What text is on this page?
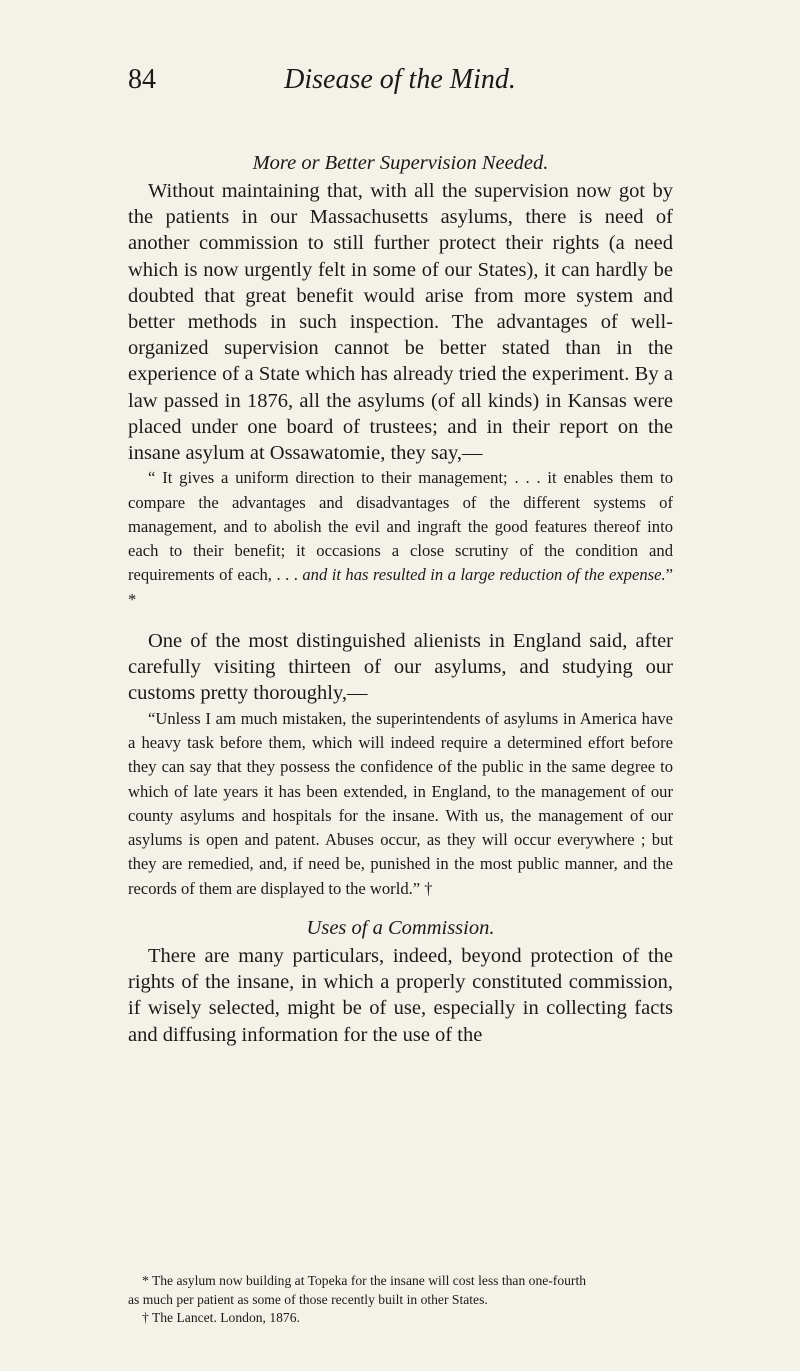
84	Disease of the Mind.
More or Better Supervision Needed.

Without maintaining that, with all the supervision now got by the patients in our Massachusetts asylums, there is need of another commission to still further protect their rights (a need which is now urgently felt in some of our States), it can hardly be doubted that great benefit would arise from more system and better methods in such inspection. The advantages of well-organized supervision cannot be better stated than in the experience of a State which has already tried the experiment. By a law passed in 1876, all the asylums (of all kinds) in Kansas were placed under one board of trustees; and in their report on the insane asylum at Ossawatomie, they say,—

“ It gives a uniform direction to their management; . . . it enables them to compare the advantages and disadvantages of the different systems of management, and to abolish the evil and ingraft the good features thereof into each to their benefit; it occasions a close scrutiny of the condition and requirements of each, . . . and it has resulted in a large reduction of the expense.” *

One of the most distinguished alienists in England said, after carefully visiting thirteen of our asylums, and studying our customs pretty thoroughly,—

“Unless I am much mistaken, the superintendents of asylums in America have a heavy task before them, which will indeed require a determined effort before they can say that they possess the confidence of the public in the same degree to which of late years it has been extended, in England, to the management of our county asylums and hospitals for the insane. With us, the management of our asylums is open and patent. Abuses occur, as they will occur everywhere ; but they are remedied, and, if need be, punished in the most public manner, and the records of them are displayed to the world.” †

Uses of a Commission.

There are many particulars, indeed, beyond protection of the rights of the insane, in which a properly constituted commission, if wisely selected, might be of use, especially in collecting facts and diffusing information for the use of the

* The asylum now building at Topeka for the insane will cost less than one-fourth

as much per patient as some of those recently built in other States.

† The Lancet. London, 1876.
